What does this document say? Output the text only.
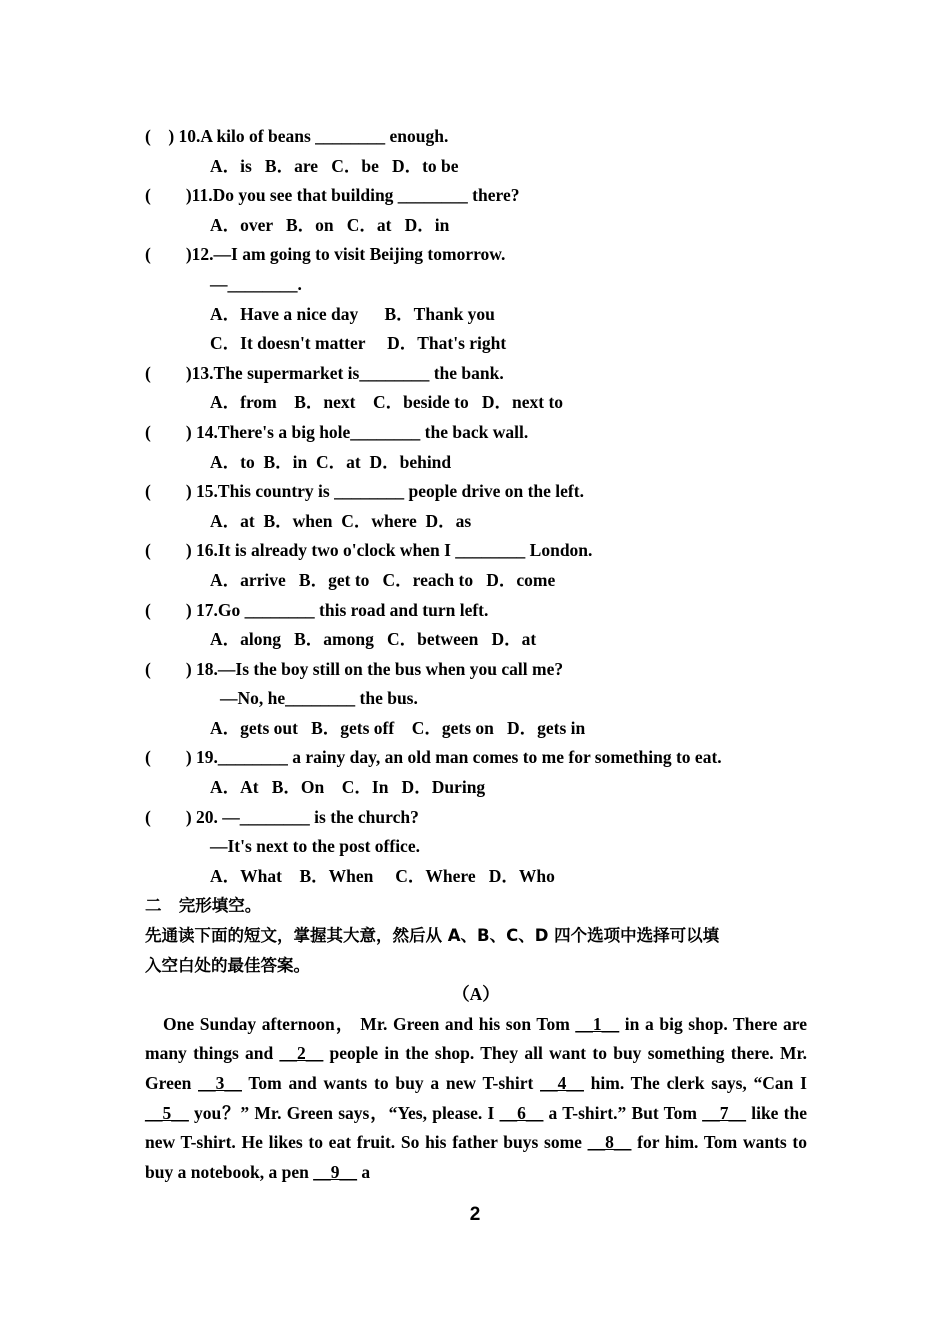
(    ) 10.A kilo of beans ________ enough.
A．is   B．are   C．be   D．to be
(        )11.Do you see that building ________ there?
A．over   B．on   C．at   D．in
(        )12.—I am going to visit Beijing tomorrow.
—________.
A．Have a nice day      B．Thank you
C．It doesn't matter     D．That's right
(        )13.The supermarket is________ the bank.
A．from    B．next    C．beside to   D．next to
(        ) 14.There's a big hole________ the back wall.
A．to  B．in  C．at  D．behind
(        ) 15.This country is ________ people drive on the left.
A．at  B．when  C．where  D．as
(        ) 16.It is already two o'clock when I ________ London.
A．arrive   B．get to   C．reach to   D．come
(        ) 17.Go ________ this road and turn left.
A．along   B．among   C．between   D．at
(        ) 18.—Is the boy still on the bus when you call me?
—No, he________ the bus.
A．gets out   B．gets off    C．gets on   D．gets in
(        ) 19.________ a rainy day, an old man comes to me for something to eat.
A．At   B．On    C．In   D．During
(        ) 20. —________ is the church?
—It's next to the post office.
A．What    B．When     C．Where   D．Who
二   完形填空。
先通读下面的短文，掌握其大意，然后从 A、B、C、D 四个选项中选择可以填
入空白处的最佳答案。
（A）
One Sunday afternoon， Mr. Green and his son Tom __1__ in a big shop. There are many things and __2__ people in the shop. They all want to buy something there. Mr. Green __3__ Tom and wants to buy a new T-shirt __4__ him. The clerk says, “Can I __5__ you？” Mr. Green says，“Yes, please. I __6__ a T-shirt.” But Tom __7__ like the new T-shirt. He likes to eat fruit. So his father buys some __8__ for him. Tom wants to buy a notebook, a pen __9__ a
2
